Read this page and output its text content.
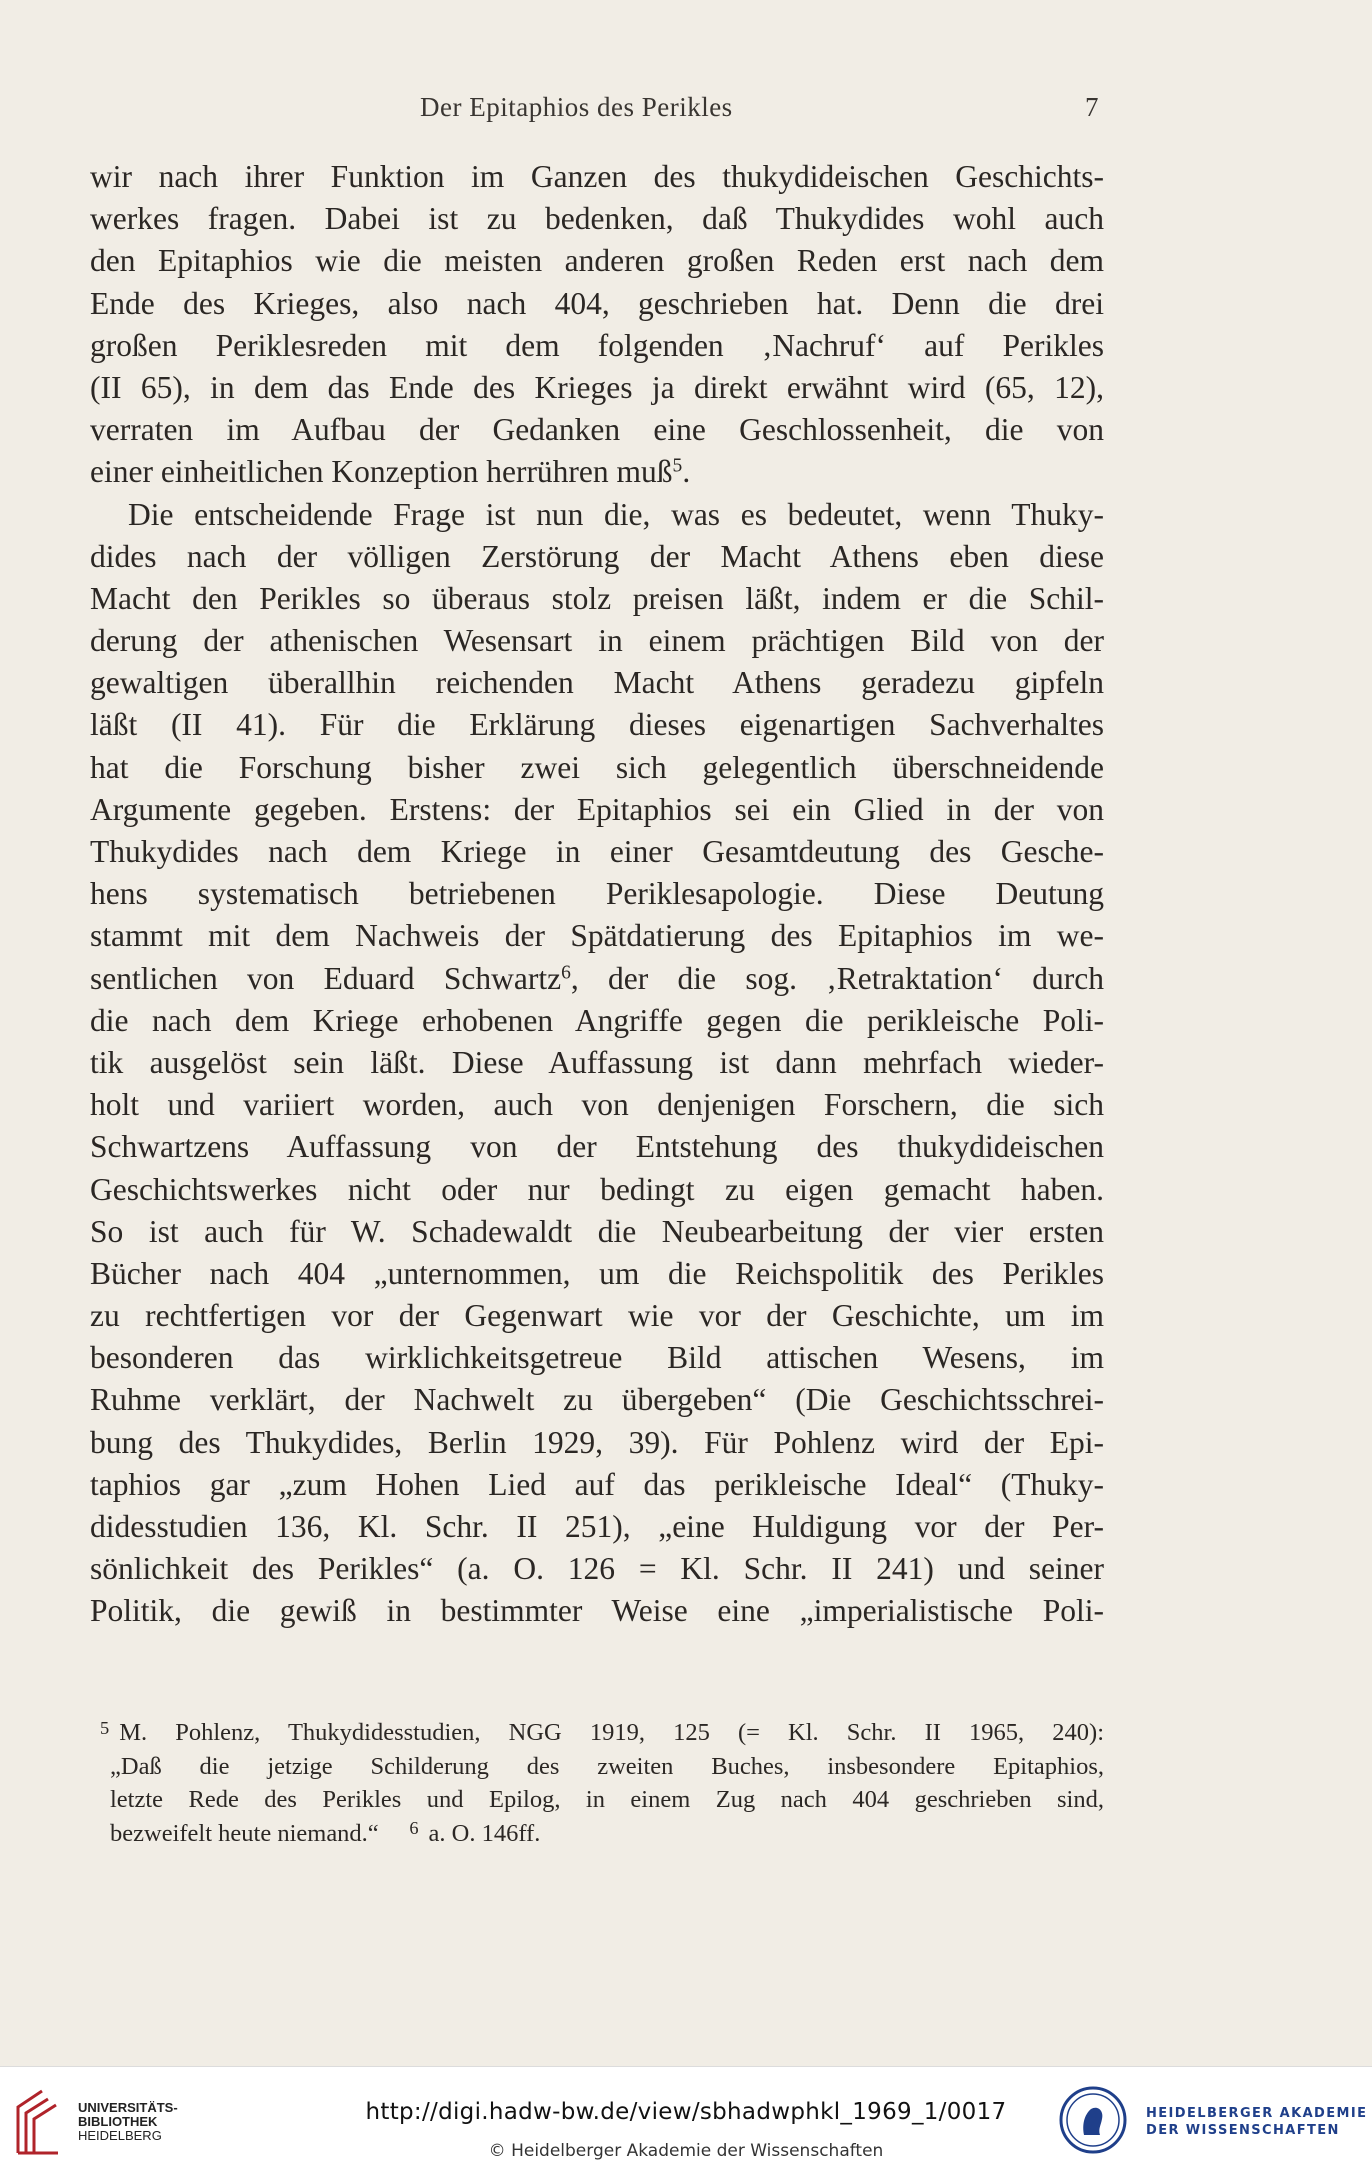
Der Epitaphios des Perikles	7
wir nach ihrer Funktion im Ganzen des thukydideischen Geschichts-
werkes fragen. Dabei ist zu bedenken, daß Thukydides wohl auch
den Epitaphios wie die meisten anderen großen Reden erst nach dem
Ende des Krieges, also nach 404, geschrieben hat. Denn die drei
großen Periklesreden mit dem folgenden ‚Nachruf‘ auf Perikles
(II 65), in dem das Ende des Krieges ja direkt erwähnt wird (65, 12),
verraten im Aufbau der Gedanken eine Geschlossenheit, die von
einer einheitlichen Konzeption herrühren muß$^5$.
Die entscheidende Frage ist nun die, was es bedeutet, wenn Thuky-
dides nach der völligen Zerstörung der Macht Athens eben diese
Macht den Perikles so überaus stolz preisen läßt, indem er die Schil-
derung der athenischen Wesensart in einem prächtigen Bild von der
gewaltigen überallhin reichenden Macht Athens geradezu gipfeln
läßt (II 41). Für die Erklärung dieses eigenartigen Sachverhaltes
hat die Forschung bisher zwei sich gelegentlich überschneidende
Argumente gegeben. Erstens: der Epitaphios sei ein Glied in der von
Thukydides nach dem Kriege in einer Gesamtdeutung des Gesche-
hens systematisch betriebenen Periklesapologie. Diese Deutung
stammt mit dem Nachweis der Spätdatierung des Epitaphios im we-
sentlichen von Eduard Schwartz$^6$, der die sog. ‚Retraktation‘ durch
die nach dem Kriege erhobenen Angriffe gegen die perikleische Poli-
tik ausgelöst sein läßt. Diese Auffassung ist dann mehrfach wieder-
holt und variiert worden, auch von denjenigen Forschern, die sich
Schwartzens Auffassung von der Entstehung des thukydideischen
Geschichtswerkes nicht oder nur bedingt zu eigen gemacht haben.
So ist auch für W. Schadewaldt die Neubearbeitung der vier ersten
Bücher nach 404 „unternommen, um die Reichspolitik des Perikles
zu rechtfertigen vor der Gegenwart wie vor der Geschichte, um im
besonderen das wirklichkeitsgetreue Bild attischen Wesens, im
Ruhme verklärt, der Nachwelt zu übergeben“ (Die Geschichtsschrei-
bung des Thukydides, Berlin 1929, 39). Für Pohlenz wird der Epi-
taphios gar „zum Hohen Lied auf das perikleische Ideal“ (Thuky-
didesstudien 136, Kl. Schr. II 251), „eine Huldigung vor der Per-
sönlichkeit des Perikles“ (a. O. 126 = Kl. Schr. II 241) und seiner
Politik, die gewiß in bestimmter Weise eine „imperialistische Poli-
$^5$ M. Pohlenz, Thukydidesstudien, NGG 1919, 125 (= Kl. Schr. II 1965, 240):
„Daß die jetzige Schilderung des zweiten Buches, insbesondere Epitaphios,
letzte Rede des Perikles und Epilog, in einem Zug nach 404 geschrieben sind,
bezweifelt heute niemand.“ $^6$ a. O. 146ff.
UNIVERSITÄTS-
BIBLIOTHEK
HEIDELBERG
http://digi.hadw-bw.de/view/sbhadwphkl_1969_1/0017
© Heidelberger Akademie der Wissenschaften
HEIDELBERGER AKADEMIE
DER WISSENSCHAFTEN
